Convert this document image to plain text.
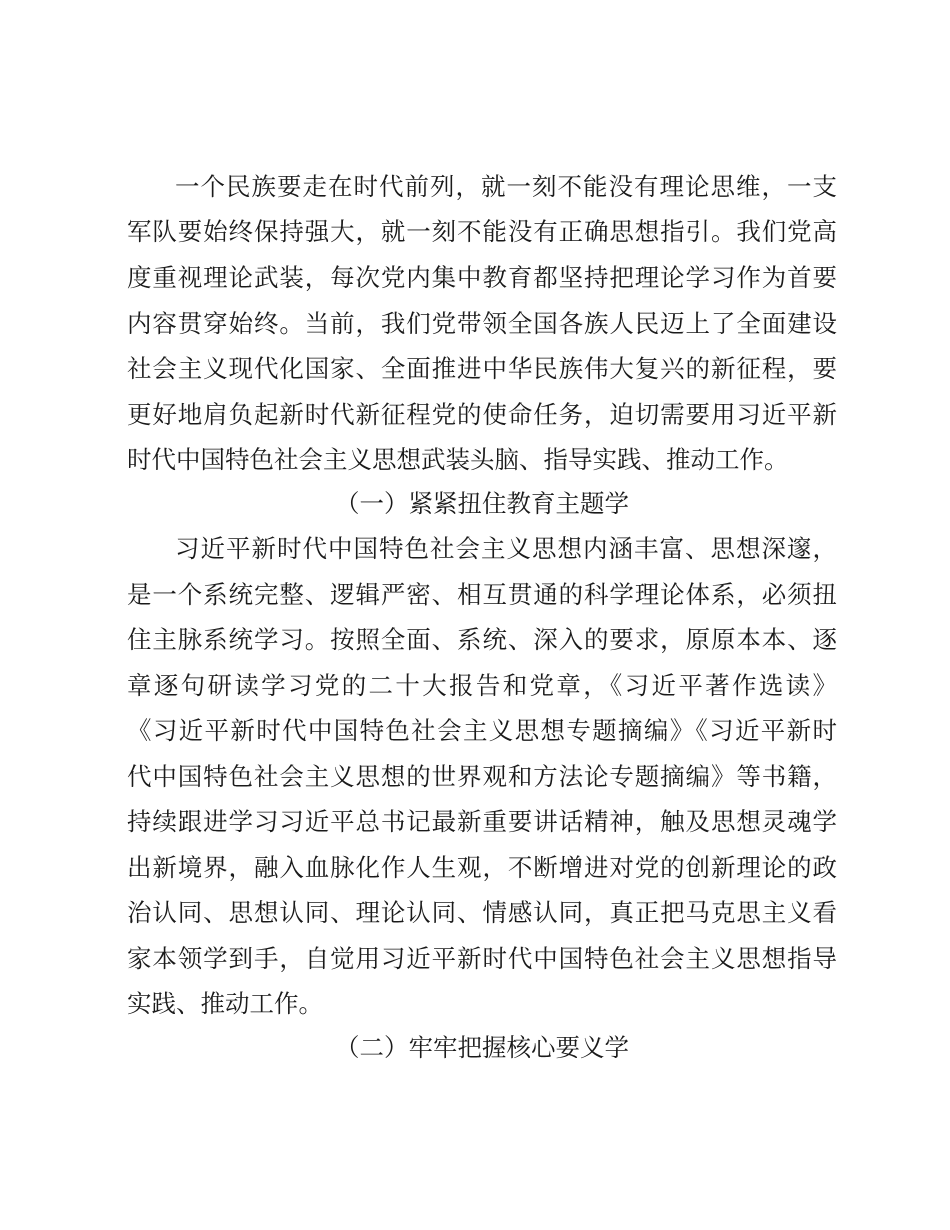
一个民族要走在时代前列，就一刻不能没有理论思维，一支
军队要始终保持强大，就一刻不能没有正确思想指引。我们党高
度重视理论武装，每次党内集中教育都坚持把理论学习作为首要
内容贯穿始终。当前，我们党带领全国各族人民迈上了全面建设
社会主义现代化国家、全面推进中华民族伟大复兴的新征程，要
更好地肩负起新时代新征程党的使命任务，迫切需要用习近平新
时代中国特色社会主义思想武装头脑、指导实践、推动工作。
（一）紧紧扭住教育主题学
习近平新时代中国特色社会主义思想内涵丰富、思想深邃，
是一个系统完整、逻辑严密、相互贯通的科学理论体系，必须扭
住主脉系统学习。按照全面、系统、深入的要求，原原本本、逐
章逐句研读学习党的二十大报告和党章，《习近平著作选读》
《习近平新时代中国特色社会主义思想专题摘编》《习近平新时
代中国特色社会主义思想的世界观和方法论专题摘编》等书籍，
持续跟进学习习近平总书记最新重要讲话精神，触及思想灵魂学
出新境界，融入血脉化作人生观，不断增进对党的创新理论的政
治认同、思想认同、理论认同、情感认同，真正把马克思主义看
家本领学到手，自觉用习近平新时代中国特色社会主义思想指导
实践、推动工作。
（二）牢牢把握核心要义学
